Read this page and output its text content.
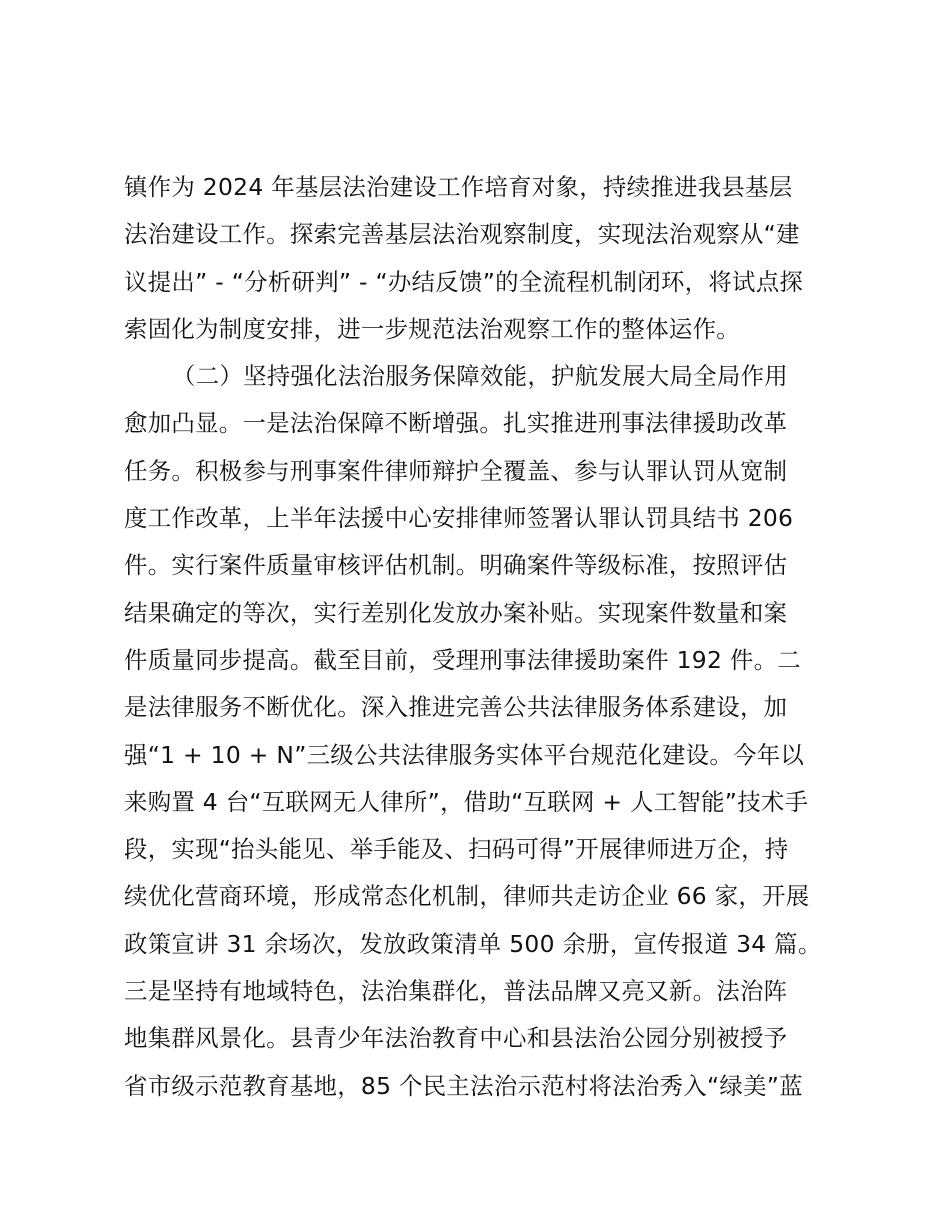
镇作为 2024 年基层法治建设工作培育对象，持续推进我县基层
法治建设工作。探索完善基层法治观察制度，实现法治观察从“建
议提出” - “分析研判” - “办结反馈”的全流程机制闭环，将试点探
索固化为制度安排，进一步规范法治观察工作的整体运作。
（二）坚持强化法治服务保障效能，护航发展大局全局作用
愈加凸显。一是法治保障不断增强。扎实推进刑事法律援助改革
任务。积极参与刑事案件律师辩护全覆盖、参与认罪认罚从宽制
度工作改革，上半年法援中心安排律师签署认罪认罚具结书 206
件。实行案件质量审核评估机制。明确案件等级标准，按照评估
结果确定的等次，实行差别化发放办案补贴。实现案件数量和案
件质量同步提高。截至目前，受理刑事法律援助案件 192 件。二
是法律服务不断优化。深入推进完善公共法律服务体系建设，加
强“1 + 10 + N”三级公共法律服务实体平台规范化建设。今年以
来购置 4 台“互联网无人律所”，借助“互联网 + 人工智能”技术手
段，实现“抬头能见、举手能及、扫码可得”开展律师进万企，持
续优化营商环境，形成常态化机制，律师共走访企业 66 家，开展
政策宣讲 31 余场次，发放政策清单 500 余册，宣传报道 34 篇。
三是坚持有地域特色，法治集群化，普法品牌又亮又新。法治阵
地集群风景化。县青少年法治教育中心和县法治公园分别被授予
省市级示范教育基地，85 个民主法治示范村将法治秀入“绿美”蓝
